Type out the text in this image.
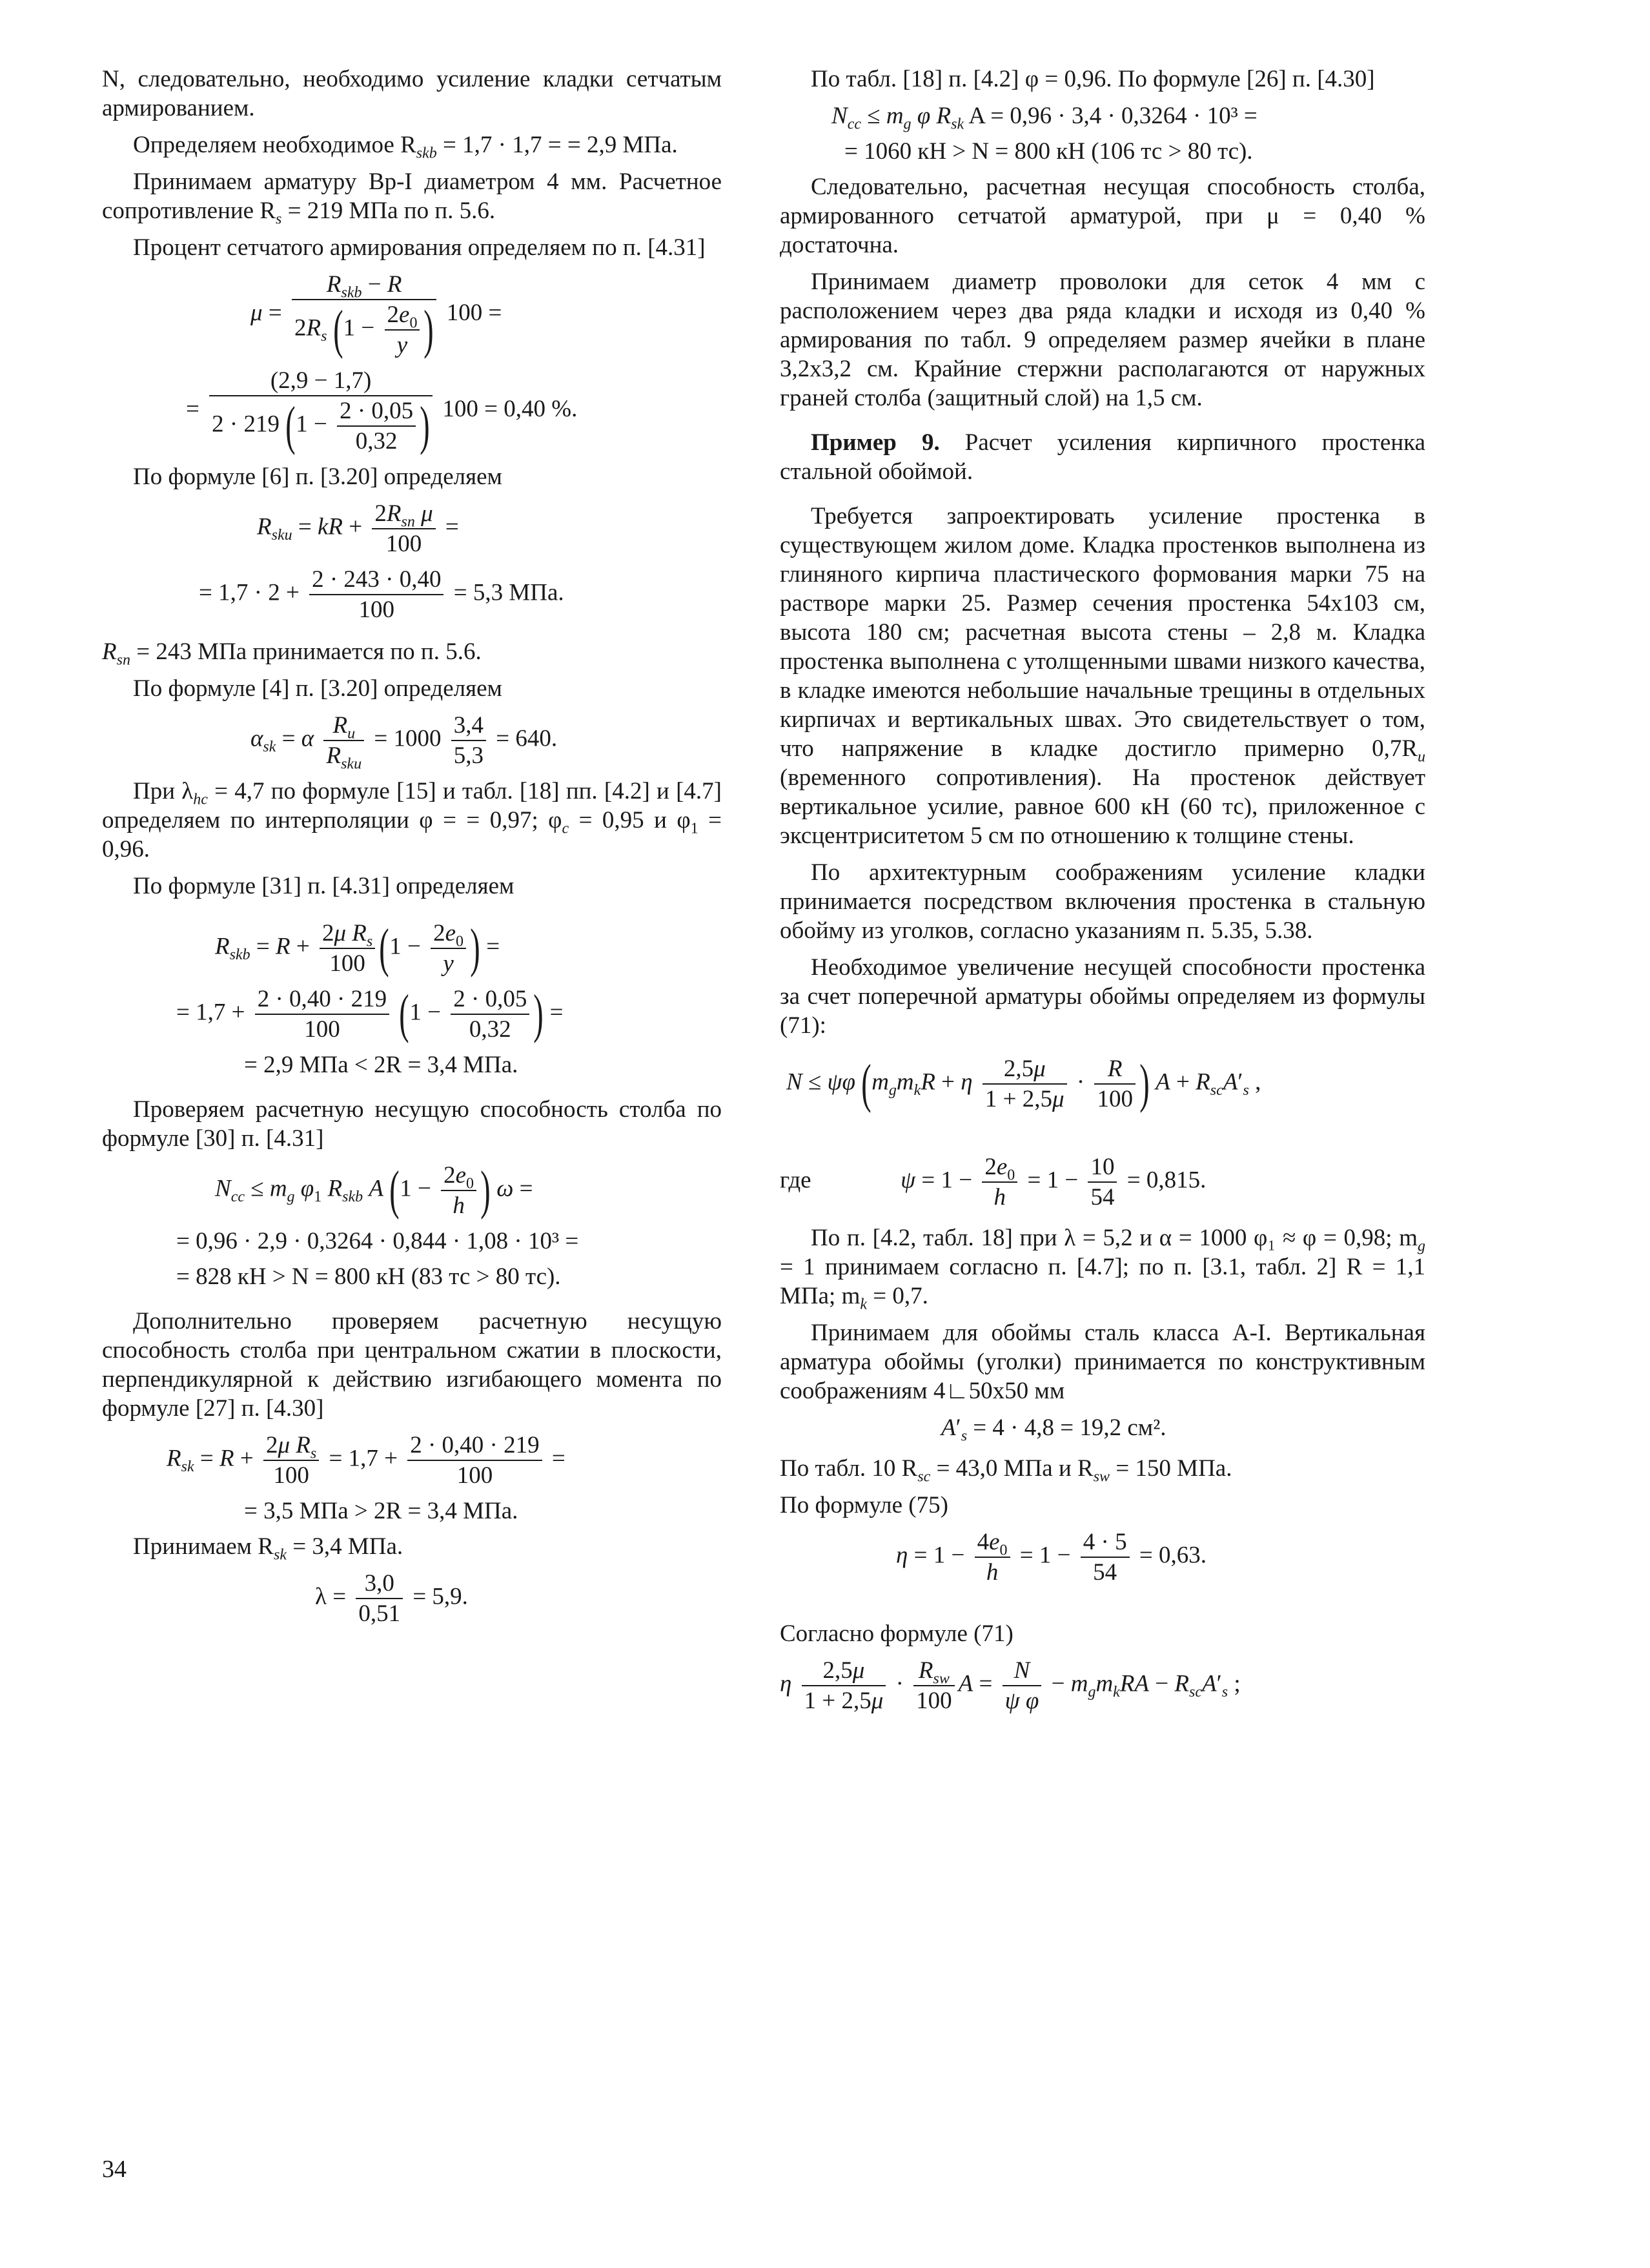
N, следовательно, необходимо усиление кладки сетчатым армированием.
Определяем необходимое $R_{skb} = 1,7 \cdot 1,7$ = = 2,9 МПа.
Принимаем арматуру Вр-I диаметром 4 мм. Расчетное сопротивление $R_s = 219$ МПа по п. 5.6.
Процент сетчатого армирования определяем по п. [4.31]
μ =
$R_{skb} - R$
$2R_s$ ($1 - \frac{2e_0}{y}$ ) 100 =
= $\frac{(2,9 - 1,7)}{2 \cdot 219 (1 - \frac{2 \cdot 0,05}{0,32} )} 100 = 0,40$ %.
По формуле [6] п. [3.20] определяем
$R_{sku}$ = kR + $2R_{sn}$ μ
100
=
= $1,7 \cdot 2 + \frac{2 \cdot 243 \cdot 0,40}{100} = 5,3$ МПа.
$R_{sn} = 243$ МПа принимается по п. 5.6.
По формуле [4] п. [3.20] определяем
$\alpha_{sk} = \alpha$ $R_u$
$R_{sku}$
= $1000 \frac{3,4}{5,3} = 640$.
При $\lambda_{hc} = 4,7$ по формуле [15] и табл. [18] пп. [4.2] и [4.7] определяем по интерполяции φ = = 0,97; $\varphi_c = 0,95$ и $\varphi_1 = 0,96$.
По формуле [31] п. [4.31] определяем
$R_{skb} = R + \frac{2\mu R_s}{100} (1 - \frac{2e_0}{y}$ ) =
= $1,7 + \frac{2 \cdot 0,40 \cdot 219}{100} (1 - \frac{2 \cdot 0,05}{0,32}$ ) =
= 2,9 МПа < 2R = 3,4 МПа.
Проверяем расчетную несущую способность столба по формуле [30] п. [4.31]
$N_{cc} \le m_g$ $\varphi_1$ $R_{skb}$ A ($1 - \frac{2e_0}{h}$ ) ω =
= 0,96 · 2,9 · 0,3264 · 0,844 · 1,08 · 10³ =
= 828 кН > N = 800 кН (83 тс > 80 тс).
Дополнительно проверяем расчетную несущую способность столба при центральном сжатии в плоскости, перпендикулярной к действию изгибающего момента по формуле [27] п. [4.30]
$R_{sk} = R + \frac{2\mu R_s}{100} = 1,7 + \frac{2 \cdot 0,40 \cdot 219}{100}$ =
= 3,5 МПа > 2R = 3,4 МПа.
Принимаем $R_{sk} = 3,4$ МПа.
$\lambda = \frac{3,0}{0,51} = 5,9$.
По табл. [18] п. [4.2] φ = 0,96. По формуле [26] п. [4.30]
$N_{cc} \le m_g$ φ $R_{sk}$ A = 0,96 · 3,4 · 0,3264 · 10³ =
= 1060 кН > N = 800 кН (106 тс > 80 тс).
Следовательно, расчетная несущая способность столба, армированного сетчатой арматурой, при μ = 0,40 % достаточна.
Принимаем диаметр проволоки для сеток 4 мм с расположением через два ряда кладки и исходя из 0,40 % армирования по табл. 9 определяем размер ячейки в плане 3,2x3,2 см. Крайние стержни располагаются от наружных граней столба (защитный слой) на 1,5 см.
Пример 9. Расчет усиления кирпичного простенка стальной обоймой.
Требуется запроектировать усиление простенка в существующем жилом доме. Кладка простенков выполнена из глиняного кирпича пластического формования марки 75 на растворе марки 25. Размер сечения простенка 54x103 см, высота 180 см; расчетная высота стены – 2,8 м. Кладка простенка выполнена с утолщенными швами низкого качества, в кладке имеются небольшие начальные трещины в отдельных кирпичах и вертикальных швах. Это свидетельствует о том, что напряжение в кладке достигло примерно $0,7R_u$ (временного сопротивления). На простенок действует вертикальное усилие, равное 600 кН (60 тс), приложенное с эксцентриситетом 5 см по отношению к толщине стены.
По архитектурным соображениям усиление кладки принимается посредством включения простенка в стальную обойму из уголков, согласно указаниям п. 5.35, 5.38.
Необходимое увеличение несущей способности простенка за счет поперечной арматуры обоймы определяем из формулы (71):
N ≤ ψφ ($m_gm_kR + \eta \frac{2,5\mu}{1 + 2,5\mu} \cdot \frac{R}{100}$ ) $A + R_{sc}A'_s$ ,
где	$\psi = 1 - \frac{2e_0}{h} = 1 - \frac{10}{54} = 0,815$.
По п. [4.2, табл. 18] при λ = 5,2 и α = 1000 φ₁ ≈ φ = 0,98; $m_g = 1$ принимаем согласно п. [4.7]; по п. [3.1, табл. 2] R = 1,1 МПа; $m_k = 0,7$.
Принимаем для обоймы сталь класса А-I. Вертикальная арматура обоймы (уголки) принимается по конструктивным соображениям 4∟50x50 мм
$A'_s = 4 \cdot 4,8 = 19,2$ см².
По табл. 10 $R_{sc} = 43,0$ МПа и $R_{sw} = 150$ МПа.
По формуле (75)
$\eta = 1 - \frac{4e_0}{h} = 1 - \frac{4 \cdot 5}{54} = 0,63$.
Согласно формуле (71)
η $\frac{2,5\mu}{1 + 2,5\mu} \cdot R_{sw}$
100
$A = \frac{N}{\text{ψ φ}} - m_gm_kRA - R_{sc}A'_s$ ;
34
